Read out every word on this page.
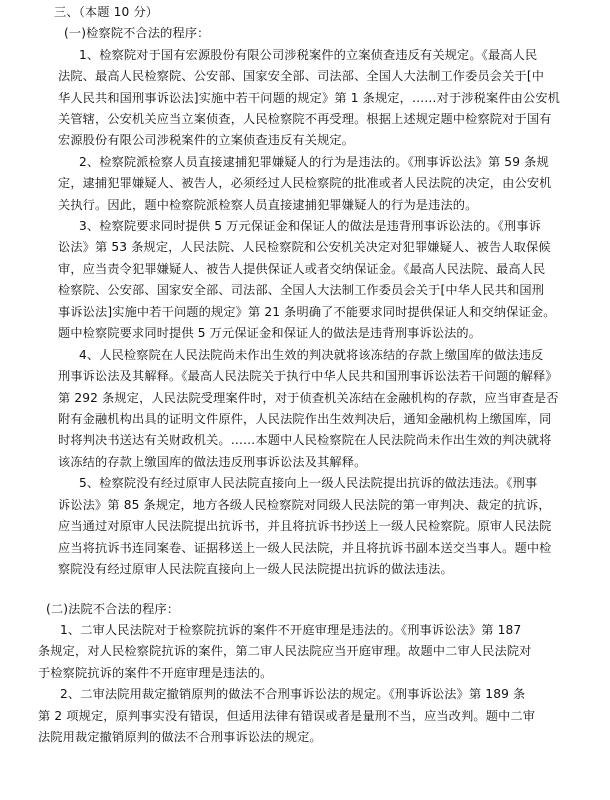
三、（本题 10 分）
(一)检察院不合法的程序：
1、检察院对于国有宏源股份有限公司涉税案件的立案侦查违反有关规定。《最高人民
法院、最高人民检察院、公安部、国家安全部、司法部、全国人大法制工作委员会关于[中
华人民共和国刑事诉讼法]实施中若干问题的规定》第 1 条规定，……对于涉税案件由公安机
关管辖，公安机关应当立案侦查，人民检察院不再受理。根据上述规定题中检察院对于国有
宏源股份有限公司涉税案件的立案侦查违反有关规定。
2、检察院派检察人员直接逮捕犯罪嫌疑人的行为是违法的。《刑事诉讼法》第 59 条规
定，逮捕犯罪嫌疑人、被告人，必须经过人民检察院的批准或者人民法院的决定，由公安机
关执行。因此，题中检察院派检察人员直接逮捕犯罪嫌疑人的行为是违法的。
3、检察院要求同时提供 5 万元保证金和保证人的做法是违背刑事诉讼法的。《刑事诉
讼法》第 53 条规定，人民法院、人民检察院和公安机关决定对犯罪嫌疑人、被告人取保候
审，应当责令犯罪嫌疑人、被告人提供保证人或者交纳保证金。《最高人民法院、最高人民
检察院、公安部、国家安全部、司法部、全国人大法制工作委员会关于[中华人民共和国刑
事诉讼法]实施中若干问题的规定》第 21 条明确了不能要求同时提供保证人和交纳保证金。
题中检察院要求同时提供 5 万元保证金和保证人的做法是违背刑事诉讼法的。
4、人民检察院在人民法院尚未作出生效的判决就将该冻结的存款上缴国库的做法违反
刑事诉讼法及其解释。《最高人民法院关于执行中华人民共和国刑事诉讼法若干问题的解释》
第 292 条规定，人民法院受理案件时，对于侦查机关冻结在金融机构的存款，应当审查是否
附有金融机构出具的证明文件原件，人民法院作出生效判决后，通知金融机构上缴国库，同
时将判决书送达有关财政机关。……本题中人民检察院在人民法院尚未作出生效的判决就将
该冻结的存款上缴国库的做法违反刑事诉讼法及其解释。
5、检察院没有经过原审人民法院直接向上一级人民法院提出抗诉的做法违法。《刑事
诉讼法》第 85 条规定，地方各级人民检察院对同级人民法院的第一审判决、裁定的抗诉，
应当通过对原审人民法院提出抗诉书，并且将抗诉书抄送上一级人民检察院。原审人民法院
应当将抗诉书连同案卷、证据移送上一级人民法院，并且将抗诉书副本送交当事人。题中检
察院没有经过原审人民法院直接向上一级人民法院提出抗诉的做法违法。
(二)法院不合法的程序：
1、二审人民法院对于检察院抗诉的案件不开庭审理是违法的。《刑事诉讼法》第 187
条规定，对人民检察院抗诉的案件，第二审人民法院应当开庭审理。故题中二审人民法院对
于检察院抗诉的案件不开庭审理是违法的。
2、二审法院用裁定撤销原判的做法不合刑事诉讼法的规定。《刑事诉讼法》第 189 条
第 2 项规定，原判事实没有错误，但适用法律有错误或者是量刑不当，应当改判。题中二审
法院用裁定撤销原判的做法不合刑事诉讼法的规定。
